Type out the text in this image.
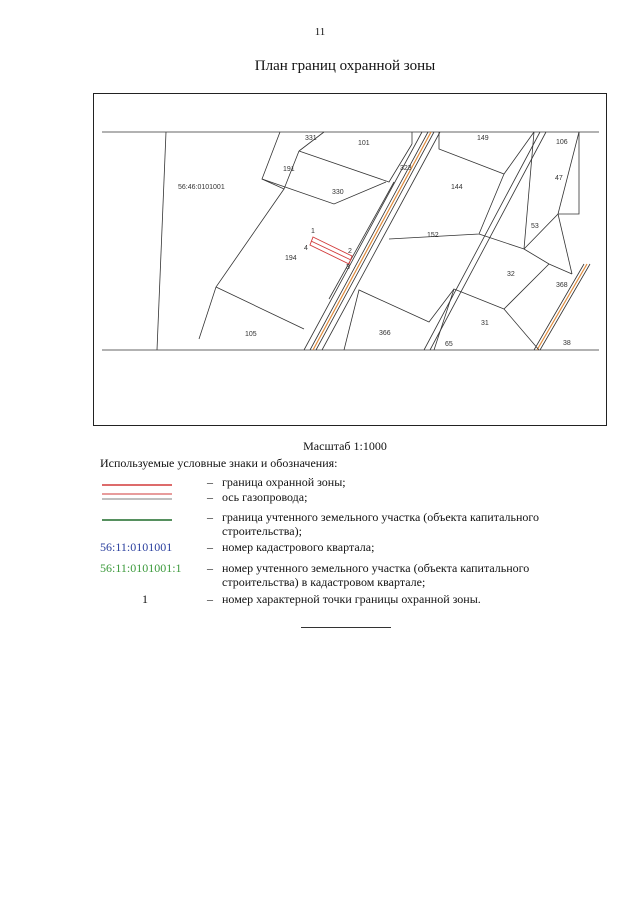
11
План границ охранной зоны
1
2
3
4
56:46:0101001
331
101
323
149
106
191
330
144
47
194
152
53
32
368
105	366
31
65	38
Масштаб 1:1000
Используемые условные знаки и обозначения:
– граница охранной зоны;
– ось газопровода;
– граница учтенного земельного участка (объекта капитального строительства);
56:11:0101001	– номер кадастрового квартала;
56:11:0101001:1	– номер учтенного земельного участка (объекта капитального строительства) в кадастровом квартале;
1	– номер характерной точки границы охранной зоны.
